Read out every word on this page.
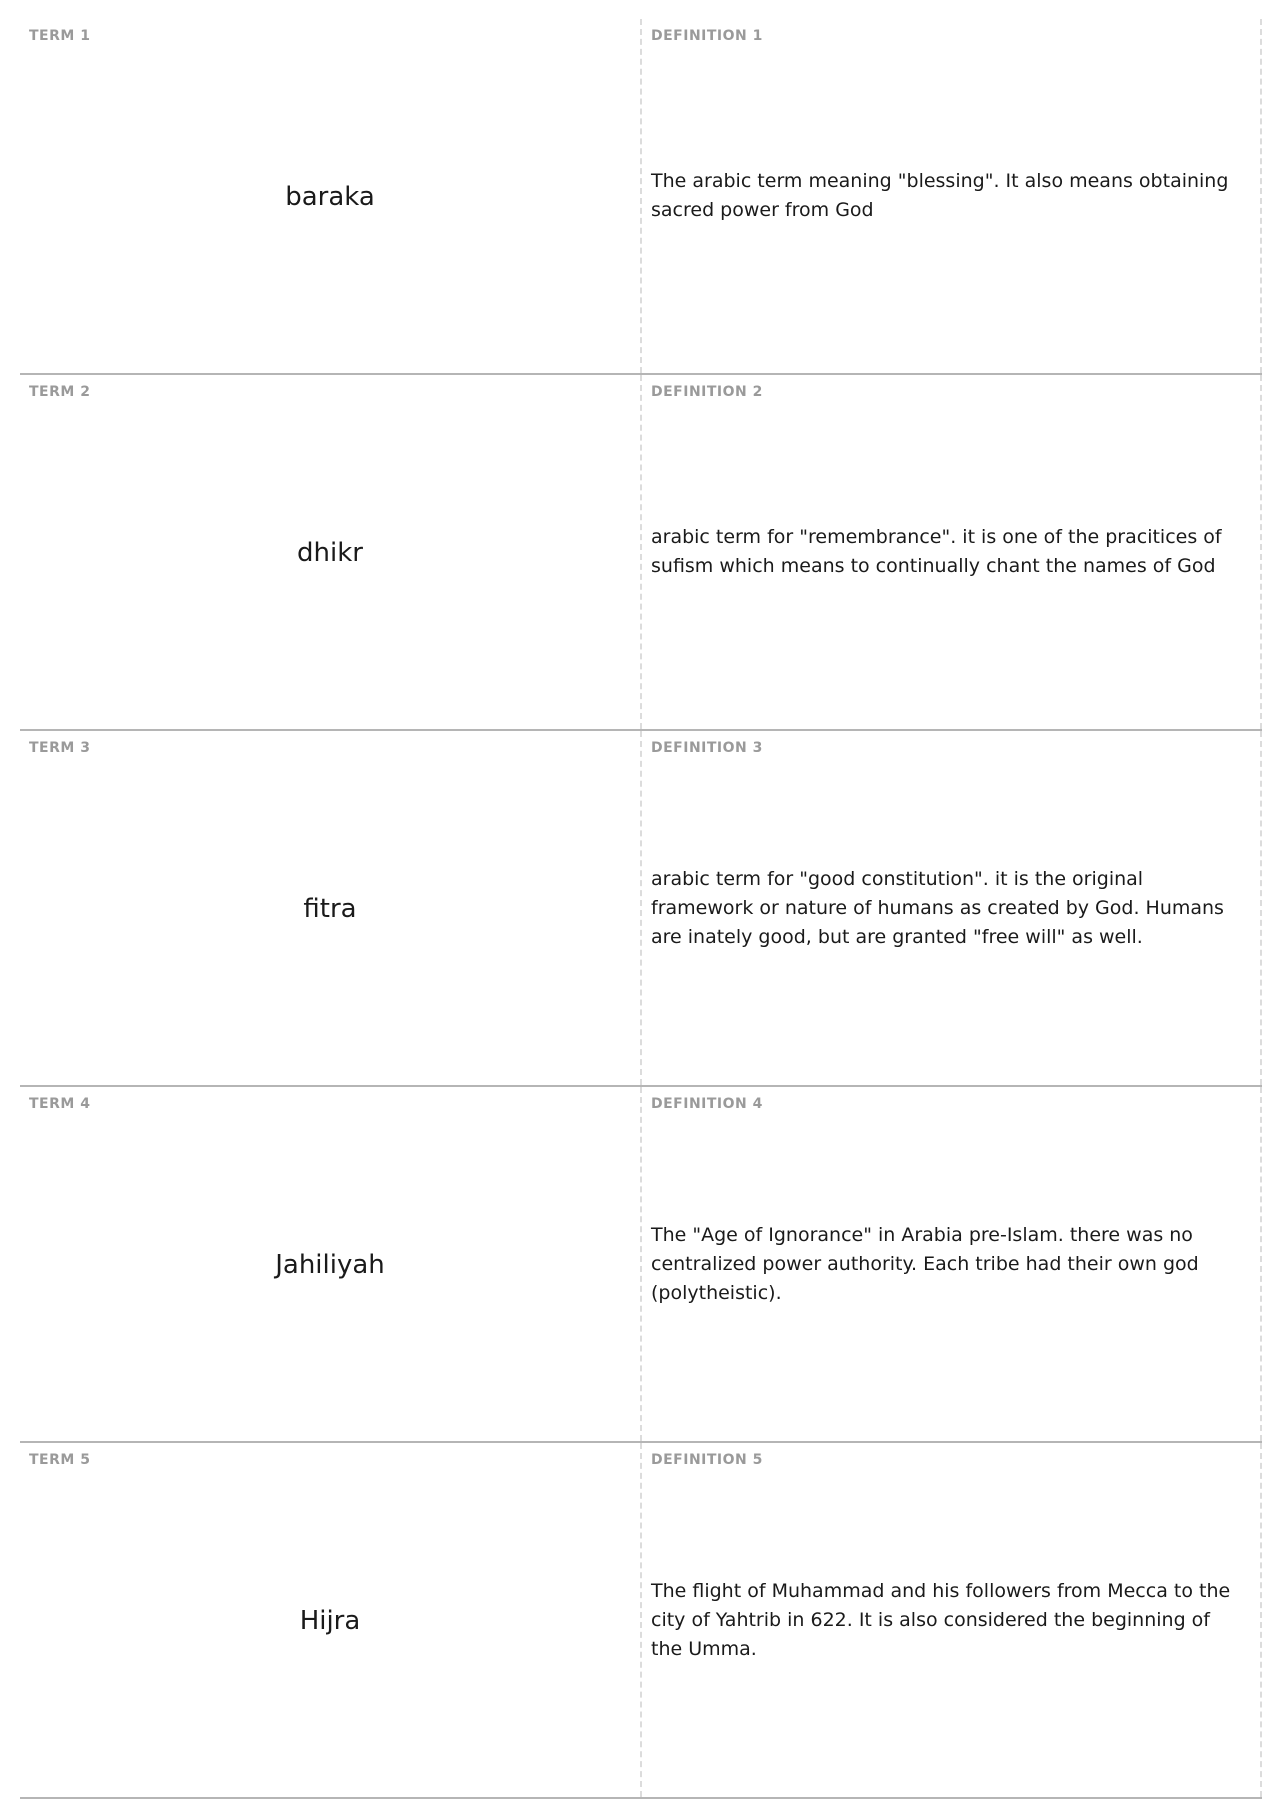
TERM 1
baraka
DEFINITION 1
The arabic term meaning "blessing". It also means obtaining sacred power from God
TERM 2
dhikr
DEFINITION 2
arabic term for "remembrance". it is one of the pracitices of sufism which means to continually chant the names of God
TERM 3
fitra
DEFINITION 3
arabic term for "good constitution". it is the original framework or nature of humans as created by God. Humans are inately good, but are granted "free will" as well.
TERM 4
Jahiliyah
DEFINITION 4
The "Age of Ignorance" in Arabia pre-Islam. there was no centralized power authority. Each tribe had their own god (polytheistic).
TERM 5
Hijra
DEFINITION 5
The flight of Muhammad and his followers from Mecca to the city of Yahtrib in 622. It is also considered the beginning of the Umma.
